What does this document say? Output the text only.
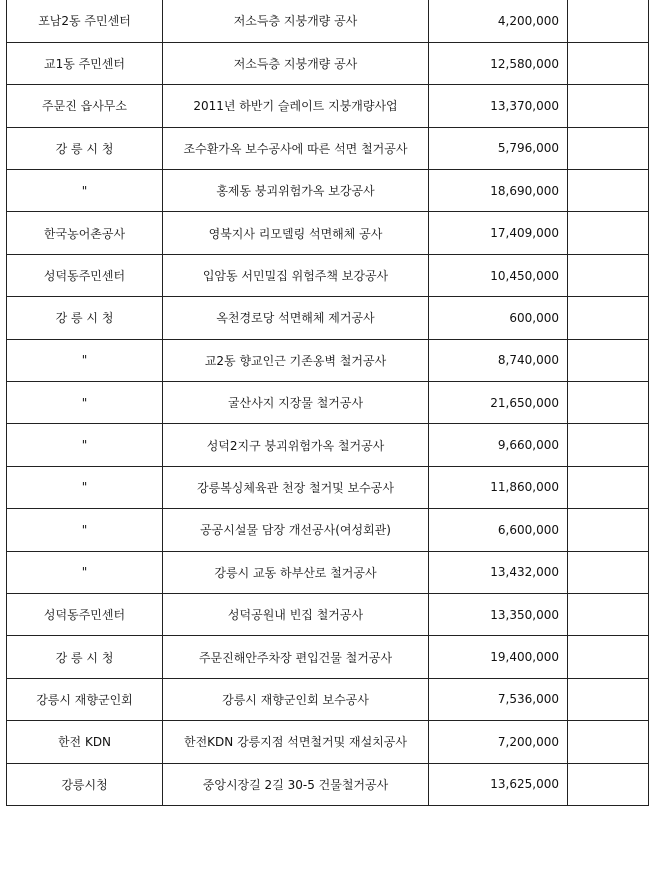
포남2동 주민센터	저소득층 지붕개량 공사	4,200,000	
교1동 주민센터	저소득층 지붕개량 공사	12,580,000	
주문진 읍사무소	2011년 하반기 슬레이트 지붕개량사업	13,370,000	
강 릉 시 청	조수환가옥 보수공사에 따른 석면 철거공사	5,796,000	
"	홍제동 붕괴위험가옥 보강공사	18,690,000	
한국농어촌공사	영북지사 리모델링 석면해체 공사	17,409,000	
성덕동주민센터	입암동 서민밀집 위험주책 보강공사	10,450,000	
강 릉 시 청	옥천경로당 석면해체 제거공사	600,000	
"	교2동 향교인근 기존옹벽 철거공사	8,740,000	
"	굴산사지 지장물 철거공사	21,650,000	
"	성덕2지구 붕괴위험가옥 철거공사	9,660,000	
"	강릉복싱체육관 천장 철거및 보수공사	11,860,000	
"	공공시설물 담장 개선공사(여성회관)	6,600,000	
"	강릉시 교동 하부산로 철거공사	13,432,000	
성덕동주민센터	성덕공원내 빈집 철거공사	13,350,000	
강 릉 시 청	주문진해안주차장 편입건물 철거공사	19,400,000	
강릉시 재향군인회	강릉시 재향군인회 보수공사	7,536,000	
한전 KDN	한전KDN 강릉지점 석면철거및 재설치공사	7,200,000	
강릉시청	중앙시장길 2길 30-5 건물철거공사	13,625,000	
